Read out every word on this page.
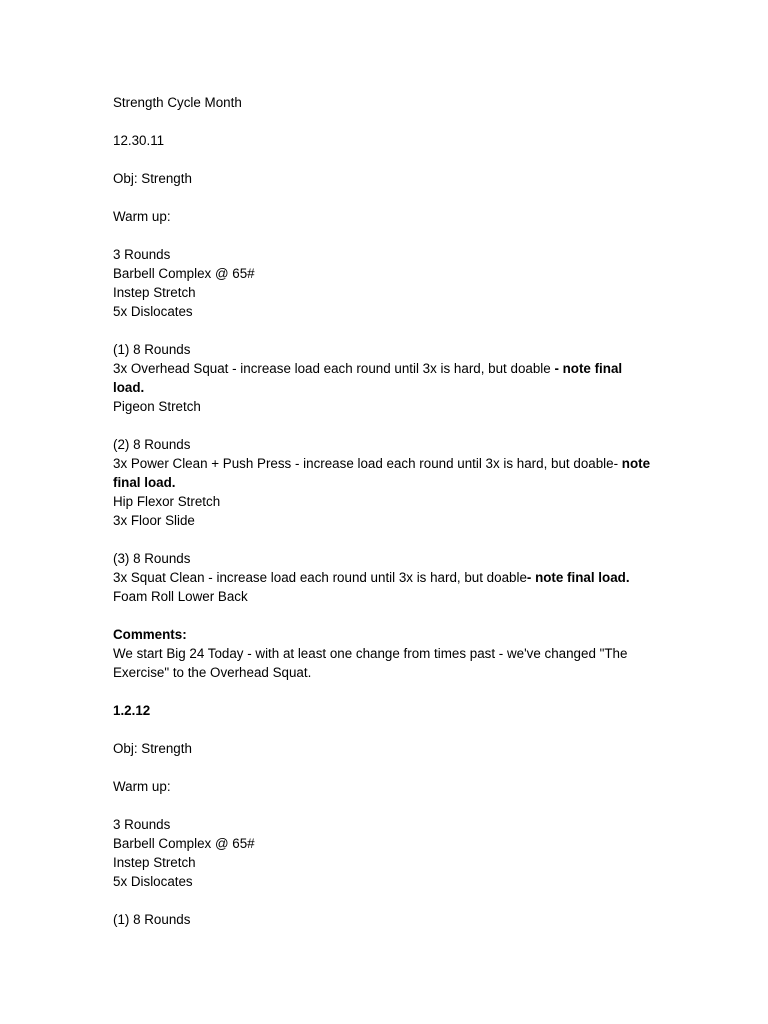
Strength Cycle Month
12.30.11
Obj: Strength
Warm up:
3 Rounds
Barbell Complex @ 65#
Instep Stretch
5x Dislocates
(1) 8 Rounds
3x Overhead Squat - increase load each round until 3x is hard, but doable - note final load.
Pigeon Stretch
(2) 8 Rounds
3x Power Clean + Push Press - increase load each round until 3x is hard, but doable- note final load.
Hip Flexor Stretch
3x Floor Slide
(3) 8 Rounds
3x Squat Clean - increase load each round until 3x is hard, but doable- note final load.
Foam Roll Lower Back
Comments:
We start Big 24 Today - with at least one change from times past - we've changed "The Exercise" to the Overhead Squat.
1.2.12
Obj: Strength
Warm up:
3 Rounds
Barbell Complex @ 65#
Instep Stretch
5x Dislocates
(1) 8 Rounds
